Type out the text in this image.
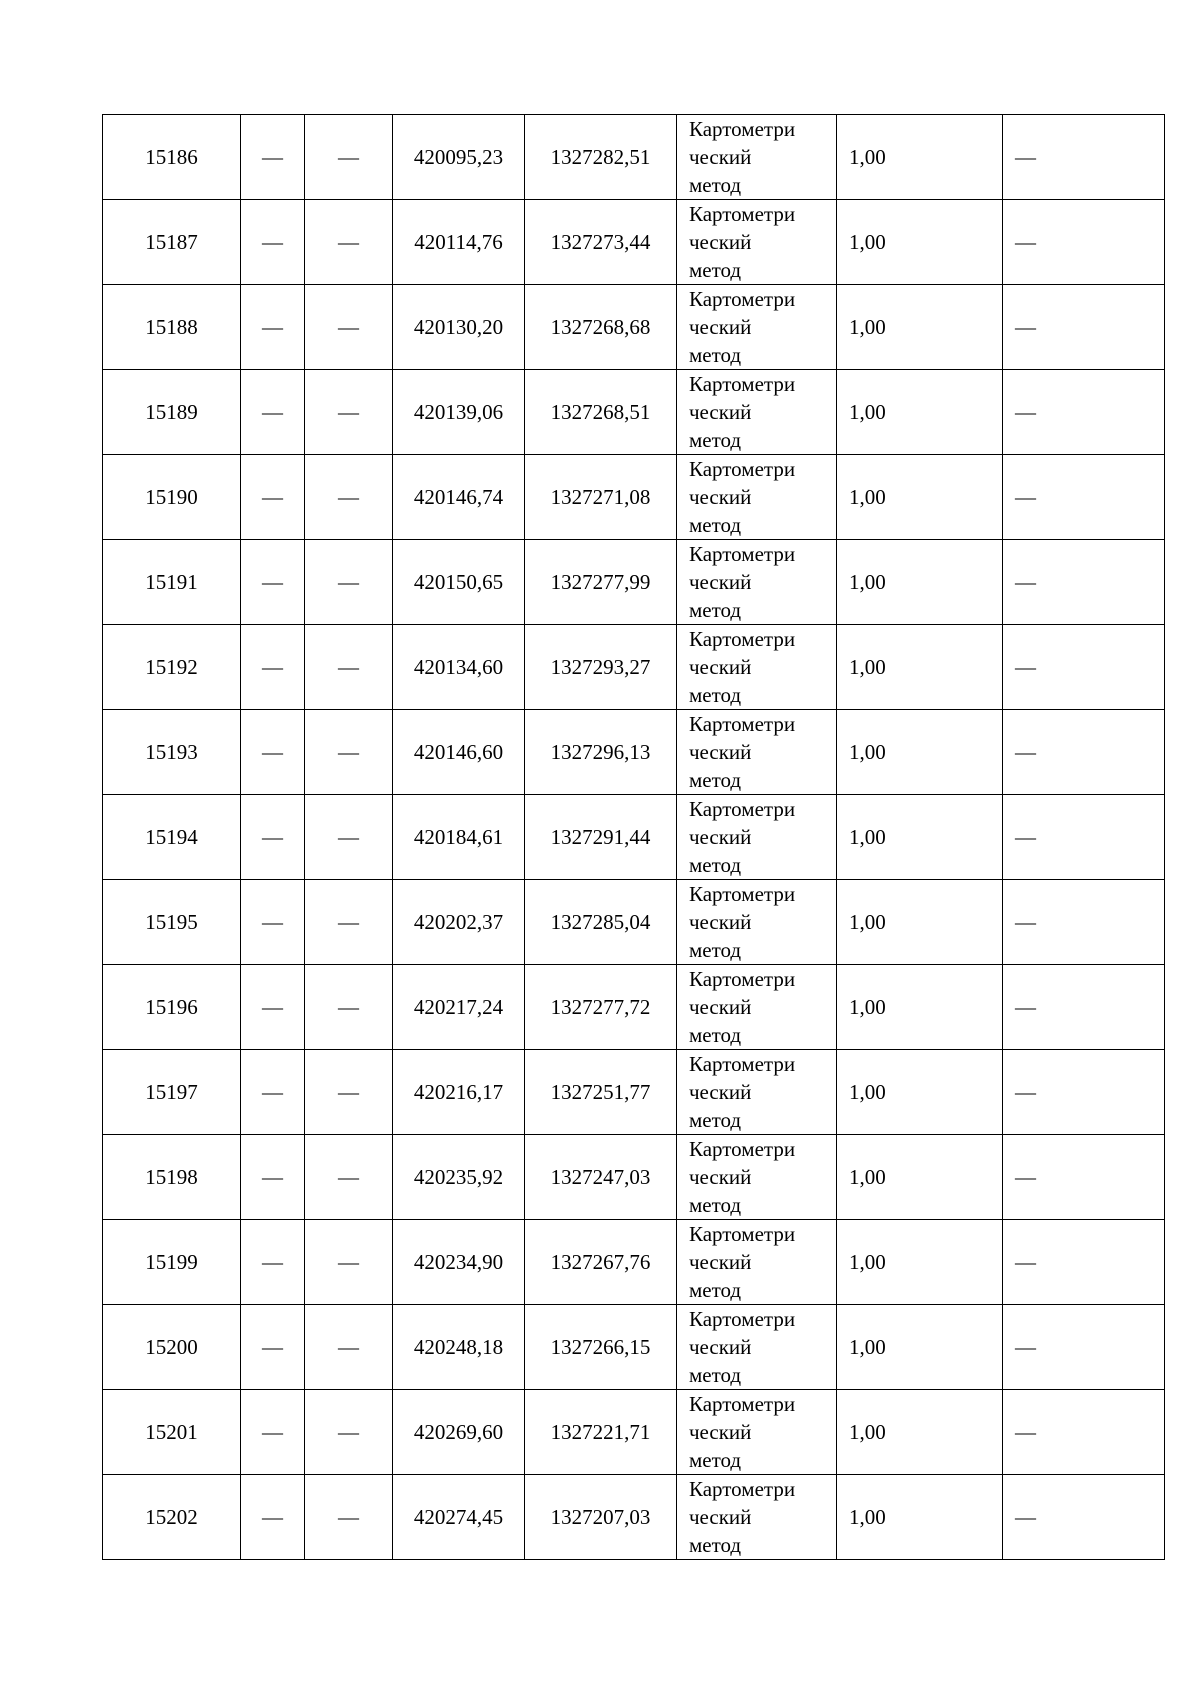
15186	—	—	420095,23	1327282,51	Картометри
ческий
метод	1,00	—
15187	—	—	420114,76	1327273,44	Картометри
ческий
метод	1,00	—
15188	—	—	420130,20	1327268,68	Картометри
ческий
метод	1,00	—
15189	—	—	420139,06	1327268,51	Картометри
ческий
метод	1,00	—
15190	—	—	420146,74	1327271,08	Картометри
ческий
метод	1,00	—
15191	—	—	420150,65	1327277,99	Картометри
ческий
метод	1,00	—
15192	—	—	420134,60	1327293,27	Картометри
ческий
метод	1,00	—
15193	—	—	420146,60	1327296,13	Картометри
ческий
метод	1,00	—
15194	—	—	420184,61	1327291,44	Картометри
ческий
метод	1,00	—
15195	—	—	420202,37	1327285,04	Картометри
ческий
метод	1,00	—
15196	—	—	420217,24	1327277,72	Картометри
ческий
метод	1,00	—
15197	—	—	420216,17	1327251,77	Картометри
ческий
метод	1,00	—
15198	—	—	420235,92	1327247,03	Картометри
ческий
метод	1,00	—
15199	—	—	420234,90	1327267,76	Картометри
ческий
метод	1,00	—
15200	—	—	420248,18	1327266,15	Картометри
ческий
метод	1,00	—
15201	—	—	420269,60	1327221,71	Картометри
ческий
метод	1,00	—
15202	—	—	420274,45	1327207,03	Картометри
ческий
метод	1,00	—
